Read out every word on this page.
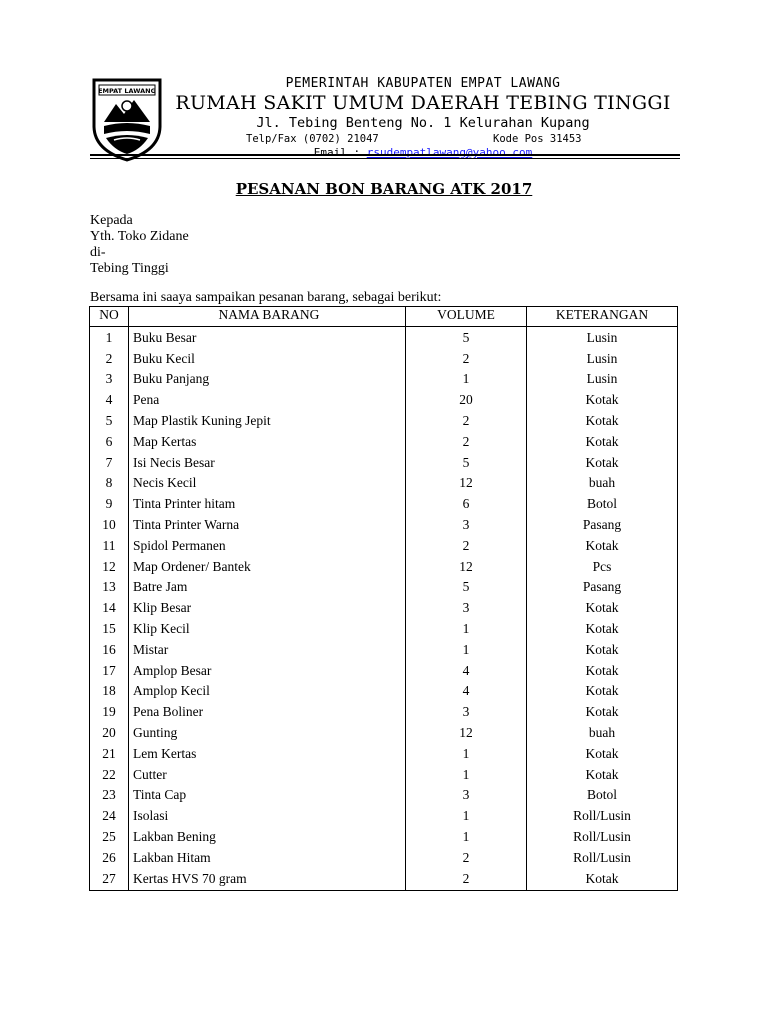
EMPAT LAWANG	PEMERINTAH KABUPATEN EMPAT LAWANG
RUMAH SAKIT UMUM DAERAH TEBING TINGGI
Jl. Tebing Benteng No. 1 Kelurahan Kupang
Telp/Fax (0702) 21047	Kode Pos 31453
Email : rsudempatlawang@yahoo.com
PESANAN BON BARANG ATK 2017
Kepada
Yth. Toko Zidane
di-
Tebing Tinggi
Bersama ini saaya sampaikan pesanan barang, sebagai berikut:
NO	NAMA BARANG	VOLUME	KETERANGAN
1	Buku Besar	5	Lusin
2	Buku Kecil	2	Lusin
3	Buku Panjang	1	Lusin
4	Pena	20	Kotak
5	Map Plastik Kuning Jepit	2	Kotak
6	Map Kertas	2	Kotak
7	Isi Necis Besar	5	Kotak
8	Necis Kecil	12	buah
9	Tinta Printer hitam	6	Botol
10	Tinta Printer Warna	3	Pasang
11	Spidol Permanen	2	Kotak
12	Map Ordener/ Bantek	12	Pcs
13	Batre Jam	5	Pasang
14	Klip Besar	3	Kotak
15	Klip Kecil	1	Kotak
16	Mistar	1	Kotak
17	Amplop Besar	4	Kotak
18	Amplop Kecil	4	Kotak
19	Pena Boliner	3	Kotak
20	Gunting	12	buah
21	Lem Kertas	1	Kotak
22	Cutter	1	Kotak
23	Tinta Cap	3	Botol
24	Isolasi	1	Roll/Lusin
25	Lakban Bening	1	Roll/Lusin
26	Lakban Hitam	2	Roll/Lusin
27	Kertas HVS 70 gram	2	Kotak
